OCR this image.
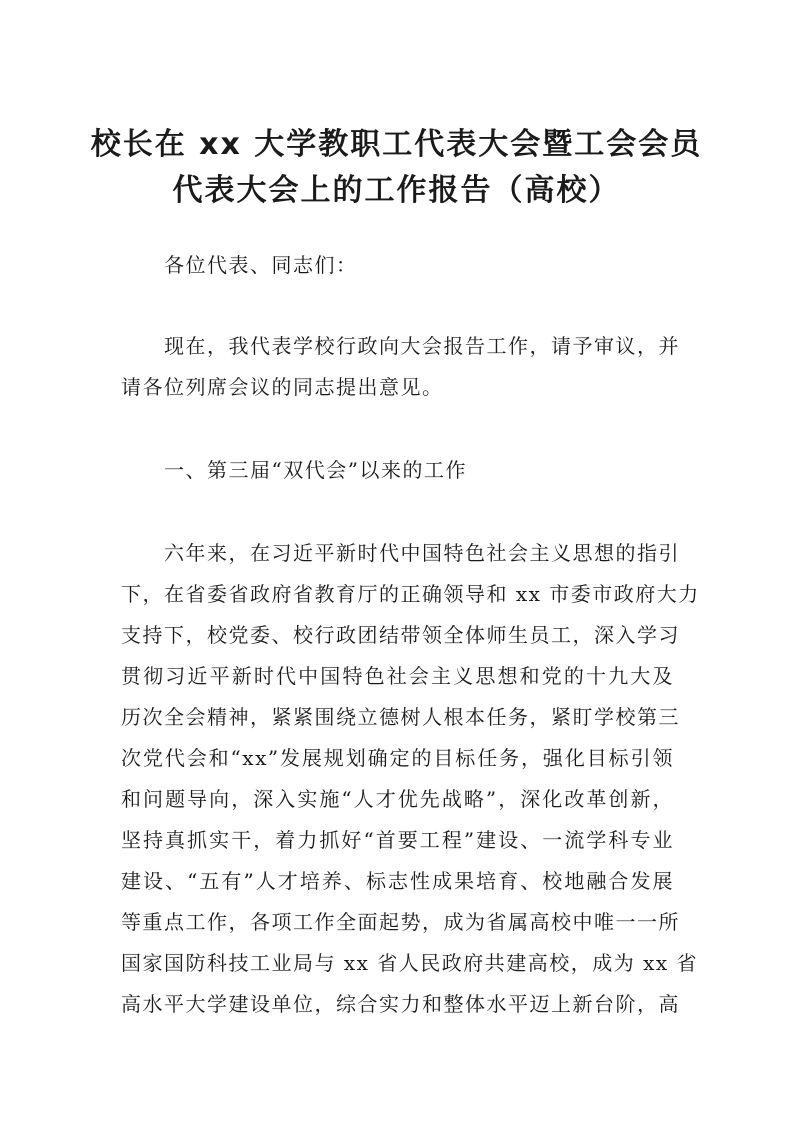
校长在 xx 大学教职工代表大会暨工会会员
代表大会上的工作报告（高校）
各位代表、同志们：
现在，我代表学校行政向大会报告工作，请予审议，并
请各位列席会议的同志提出意见。
一、第三届“双代会”以来的工作
六年来，在习近平新时代中国特色社会主义思想的指引
下，在省委省政府省教育厅的正确领导和 xx 市委市政府大力
支持下，校党委、校行政团结带领全体师生员工，深入学习
贯彻习近平新时代中国特色社会主义思想和党的十九大及
历次全会精神，紧紧围绕立德树人根本任务，紧盯学校第三
次党代会和“xx”发展规划确定的目标任务，强化目标引领
和问题导向，深入实施“人才优先战略”，深化改革创新，
坚持真抓实干，着力抓好“首要工程”建设、一流学科专业
建设、“五有”人才培养、标志性成果培育、校地融合发展
等重点工作，各项工作全面起势，成为省属高校中唯一一所
国家国防科技工业局与 xx 省人民政府共建高校，成为 xx 省
高水平大学建设单位，综合实力和整体水平迈上新台阶，高
